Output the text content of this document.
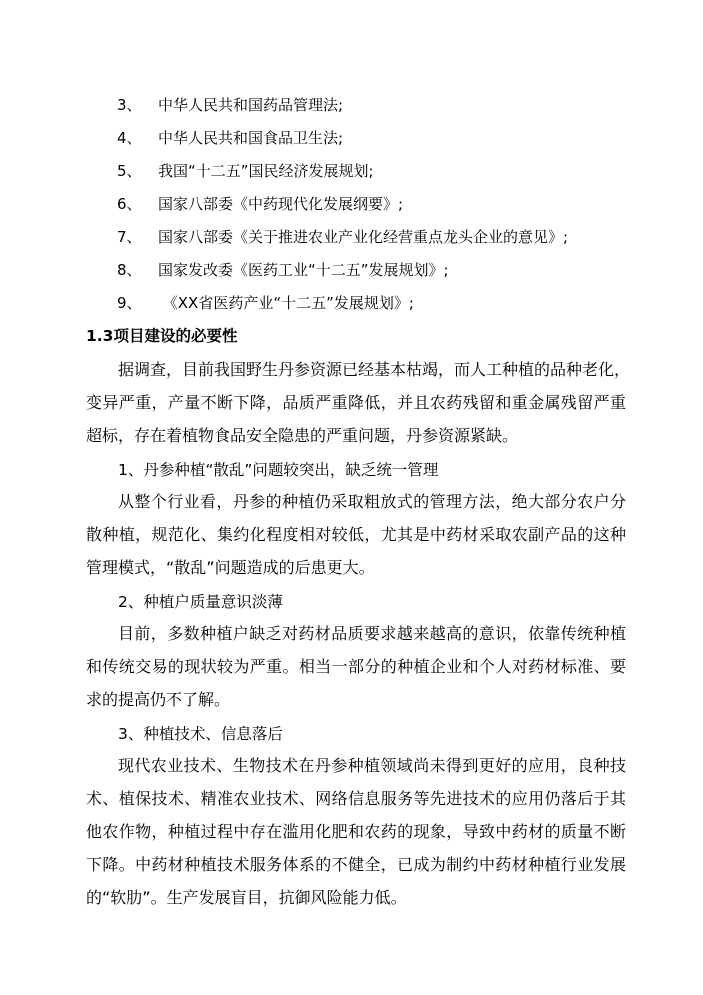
3、 中华人民共和国药品管理法;
4、 中华人民共和国食品卫生法;
5、 我国“十二五”国民经济发展规划;
6、 国家八部委《中药现代化发展纲要》;
7、 国家八部委《关于推进农业产业化经营重点龙头企业的意见》;
8、 国家发改委《医药工业“十二五”发展规划》;
9、 《XX省医药产业“十二五”发展规划》;
1.3项目建设的必要性
据调查，目前我国野生丹参资源已经基本枯竭，而人工种植的品种老化，
变异严重，产量不断下降，品质严重降低，并且农药残留和重金属残留严重
超标，存在着植物食品安全隐患的严重问题，丹参资源紧缺。
1、丹参种植“散乱”问题较突出，缺乏统一管理
从整个行业看，丹参的种植仍采取粗放式的管理方法，绝大部分农户分
散种植，规范化、集约化程度相对较低，尤其是中药材采取农副产品的这种
管理模式，“散乱”问题造成的后患更大。
2、种植户质量意识淡薄
目前，多数种植户缺乏对药材品质要求越来越高的意识，依靠传统种植
和传统交易的现状较为严重。相当一部分的种植企业和个人对药材标准、要
求的提高仍不了解。
3、种植技术、信息落后
现代农业技术、生物技术在丹参种植领域尚未得到更好的应用，良种技
术、植保技术、精准农业技术、网络信息服务等先进技术的应用仍落后于其
他农作物，种植过程中存在滥用化肥和农药的现象，导致中药材的质量不断
下降。中药材种植技术服务体系的不健全，已成为制约中药材种植行业发展
的“软肋”。生产发展盲目，抗御风险能力低。
